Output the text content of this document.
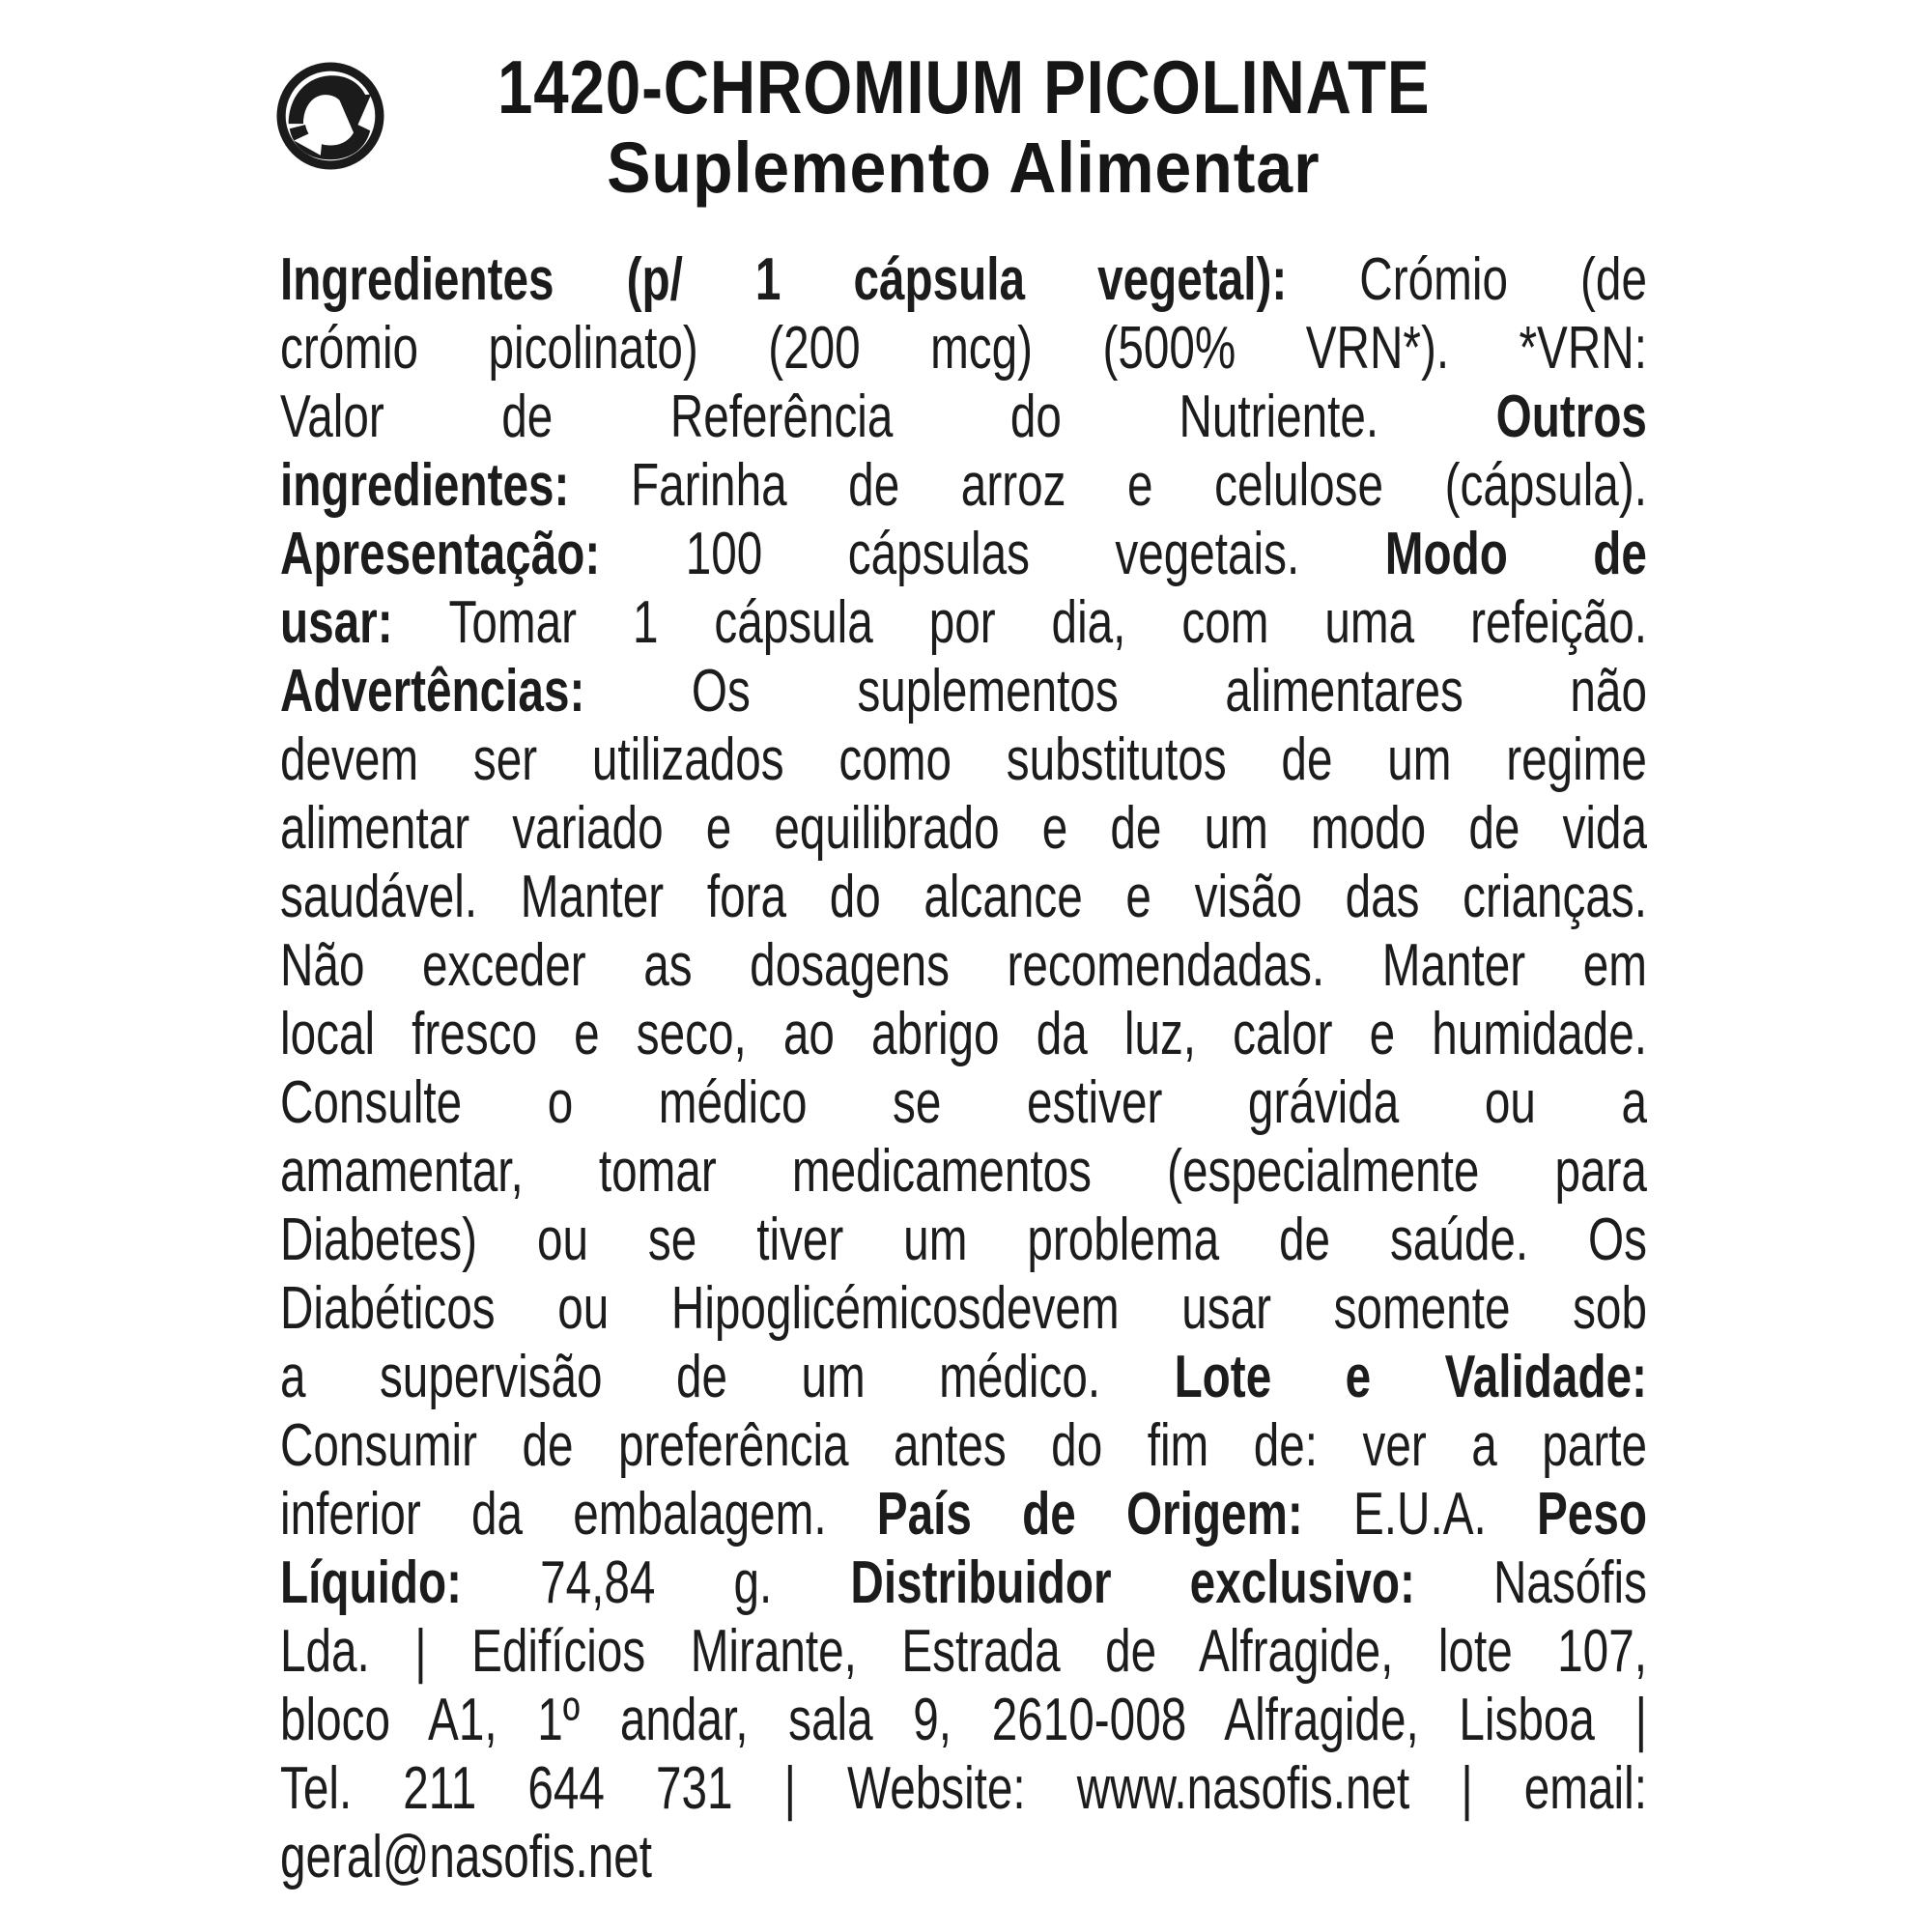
1420-CHROMIUM PICOLINATE
Suplemento Alimentar
Ingredientes (p/ 1 cápsula vegetal): Crómio (de
crómio picolinato) (200 mcg) (500% VRN*). *VRN:
Valor de Referência do Nutriente. Outros
ingredientes: Farinha de arroz e celulose (cápsula).
Apresentação: 100 cápsulas vegetais. Modo de
usar: Tomar 1 cápsula por dia, com uma refeição.
Advertências: Os suplementos alimentares não
devem ser utilizados como substitutos de um regime
alimentar variado e equilibrado e de um modo de vida
saudável. Manter fora do alcance e visão das crianças.
Não exceder as dosagens recomendadas. Manter em
local fresco e seco, ao abrigo da luz, calor e humidade.
Consulte o médico se estiver grávida ou a
amamentar, tomar medicamentos (especialmente para
Diabetes) ou se tiver um problema de saúde. Os
Diabéticos ou Hipoglicémicosdevem usar somente sob
a supervisão de um médico. Lote e Validade:
Consumir de preferência antes do fim de: ver a parte
inferior da embalagem. País de Origem: E.U.A. Peso
Líquido: 74,84 g. Distribuidor exclusivo: Nasófis
Lda. | Edifícios Mirante, Estrada de Alfragide, lote 107,
bloco A1, 1º andar, sala 9, 2610-008 Alfragide, Lisboa |
Tel. 211 644 731 | Website: www.nasofis.net | email:
geral@nasofis.net
